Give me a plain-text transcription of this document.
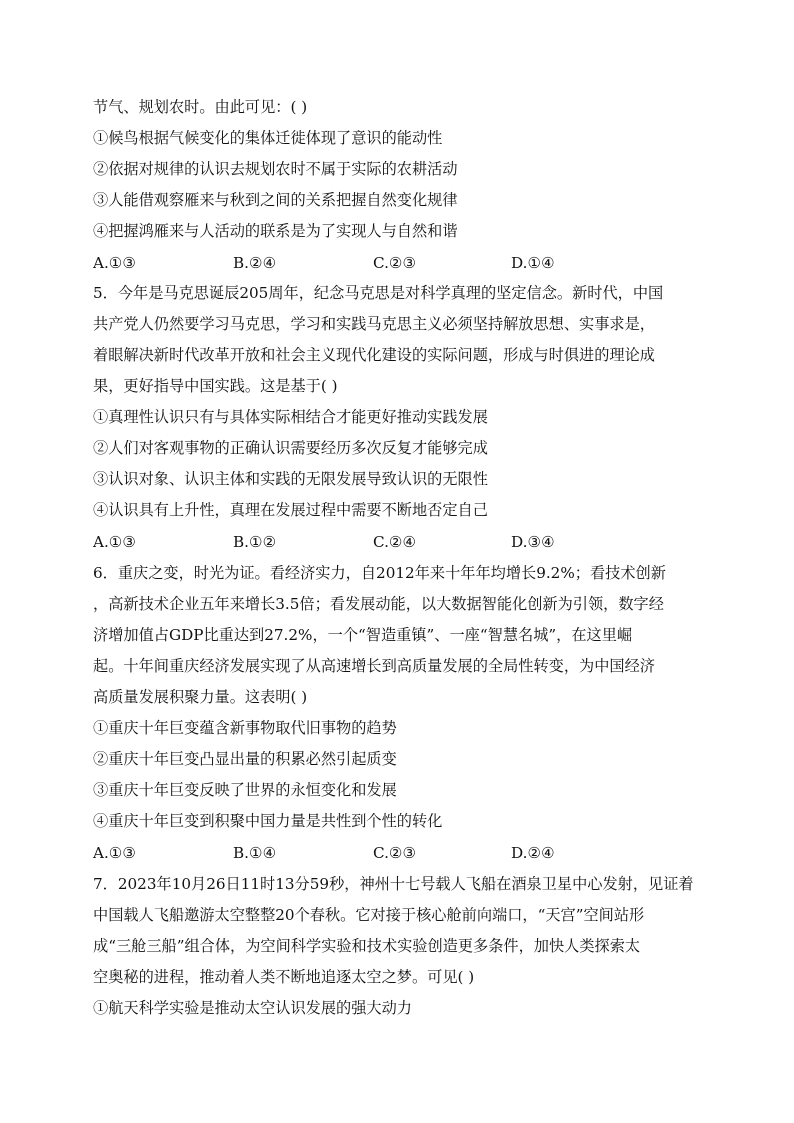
节气、规划农时。由此可见：( )
①候鸟根据气候变化的集体迁徙体现了意识的能动性
②依据对规律的认识去规划农时不属于实际的农耕活动
③人能借观察雁来与秋到之间的关系把握自然变化规律
④把握鸿雁来与人活动的联系是为了实现人与自然和谐
A.①③	B.②④	C.②③	D.①④
5．今年是马克思诞辰205周年，纪念马克思是对科学真理的坚定信念。新时代，中国
共产党人仍然要学习马克思，学习和实践马克思主义必须坚持解放思想、实事求是，
着眼解决新时代改革开放和社会主义现代化建设的实际问题，形成与时俱进的理论成
果，更好指导中国实践。这是基于( )
①真理性认识只有与具体实际相结合才能更好推动实践发展
②人们对客观事物的正确认识需要经历多次反复才能够完成
③认识对象、认识主体和实践的无限发展导致认识的无限性
④认识具有上升性，真理在发展过程中需要不断地否定自己
A.①③	B.①②	C.②④	D.③④
6．重庆之变，时光为证。看经济实力，自2012年来十年年均增长9.2%；看技术创新
，高新技术企业五年来增长3.5倍；看发展动能，以大数据智能化创新为引领，数字经
济增加值占GDP比重达到27.2%，一个“智造重镇”、一座“智慧名城”，在这里崛
起。十年间重庆经济发展实现了从高速增长到高质量发展的全局性转变，为中国经济
高质量发展积聚力量。这表明( )
①重庆十年巨变蕴含新事物取代旧事物的趋势
②重庆十年巨变凸显出量的积累必然引起质变
③重庆十年巨变反映了世界的永恒变化和发展
④重庆十年巨变到积聚中国力量是共性到个性的转化
A.①③	B.①④	C.②③	D.②④
7．2023年10月26日11时13分59秒，神州十七号载人飞船在酒泉卫星中心发射，见证着
中国载人飞船邀游太空整整20个春秋。它对接于核心舱前向端口，“天宫”空间站形
成“三舱三船”组合体，为空间科学实验和技术实验创造更多条件，加快人类探索太
空奥秘的进程，推动着人类不断地追逐太空之梦。可见( )
①航天科学实验是推动太空认识发展的强大动力
